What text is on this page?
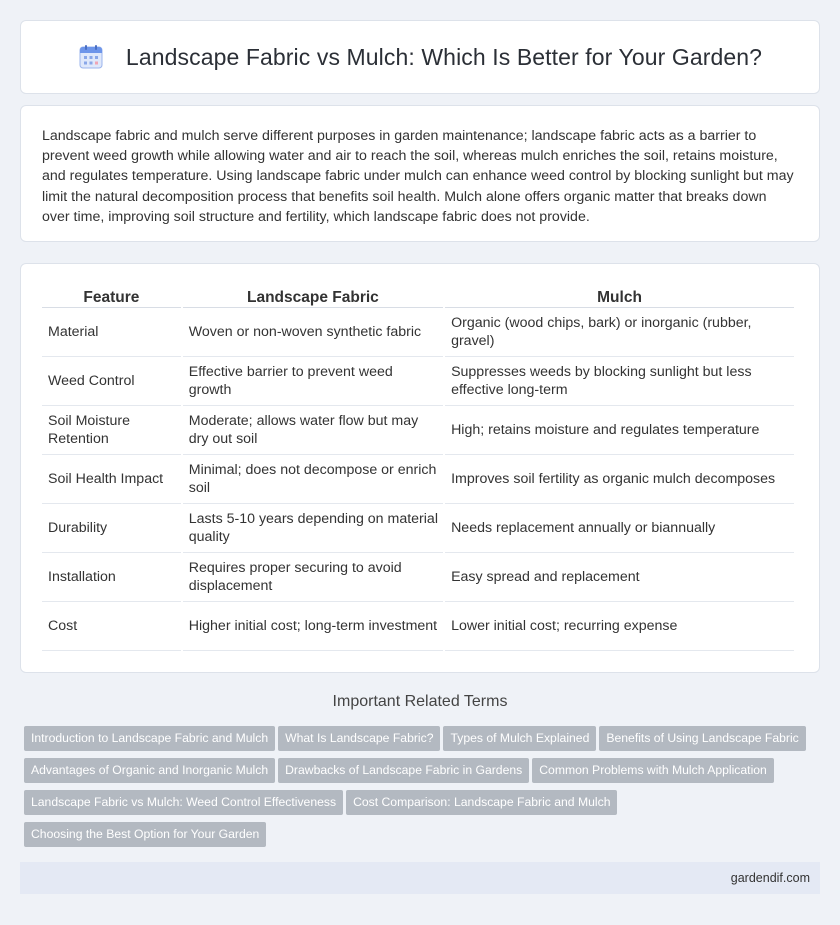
Landscape Fabric vs Mulch: Which Is Better for Your Garden?

Landscape fabric and mulch serve different purposes in garden maintenance; landscape fabric acts as a barrier to prevent weed growth while allowing water and air to reach the soil, whereas mulch enriches the soil, retains moisture, and regulates temperature. Using landscape fabric under mulch can enhance weed control by blocking sunlight but may limit the natural decomposition process that benefits soil health. Mulch alone offers organic matter that breaks down over time, improving soil structure and fertility, which landscape fabric does not provide.

Feature	Landscape Fabric	Mulch
Material	Woven or non-woven synthetic fabric	Organic (wood chips, bark) or inorganic (rubber, gravel)
Weed Control	Effective barrier to prevent weed growth	Suppresses weeds by blocking sunlight but less effective long-term
Soil Moisture Retention	Moderate; allows water flow but may dry out soil	High; retains moisture and regulates temperature
Soil Health Impact	Minimal; does not decompose or enrich soil	Improves soil fertility as organic mulch decomposes
Durability	Lasts 5-10 years depending on material quality	Needs replacement annually or biannually
Installation	Requires proper securing to avoid displacement	Easy spread and replacement
Cost	Higher initial cost; long-term investment	Lower initial cost; recurring expense
Important Related Terms
Introduction to Landscape Fabric and Mulch What Is Landscape Fabric? Types of Mulch Explained Benefits of Using Landscape Fabric
Advantages of Organic and Inorganic Mulch Drawbacks of Landscape Fabric in Gardens Common Problems with Mulch Application
Landscape Fabric vs Mulch: Weed Control Effectiveness Cost Comparison: Landscape Fabric and Mulch
Choosing the Best Option for Your Garden
gardendif.com
